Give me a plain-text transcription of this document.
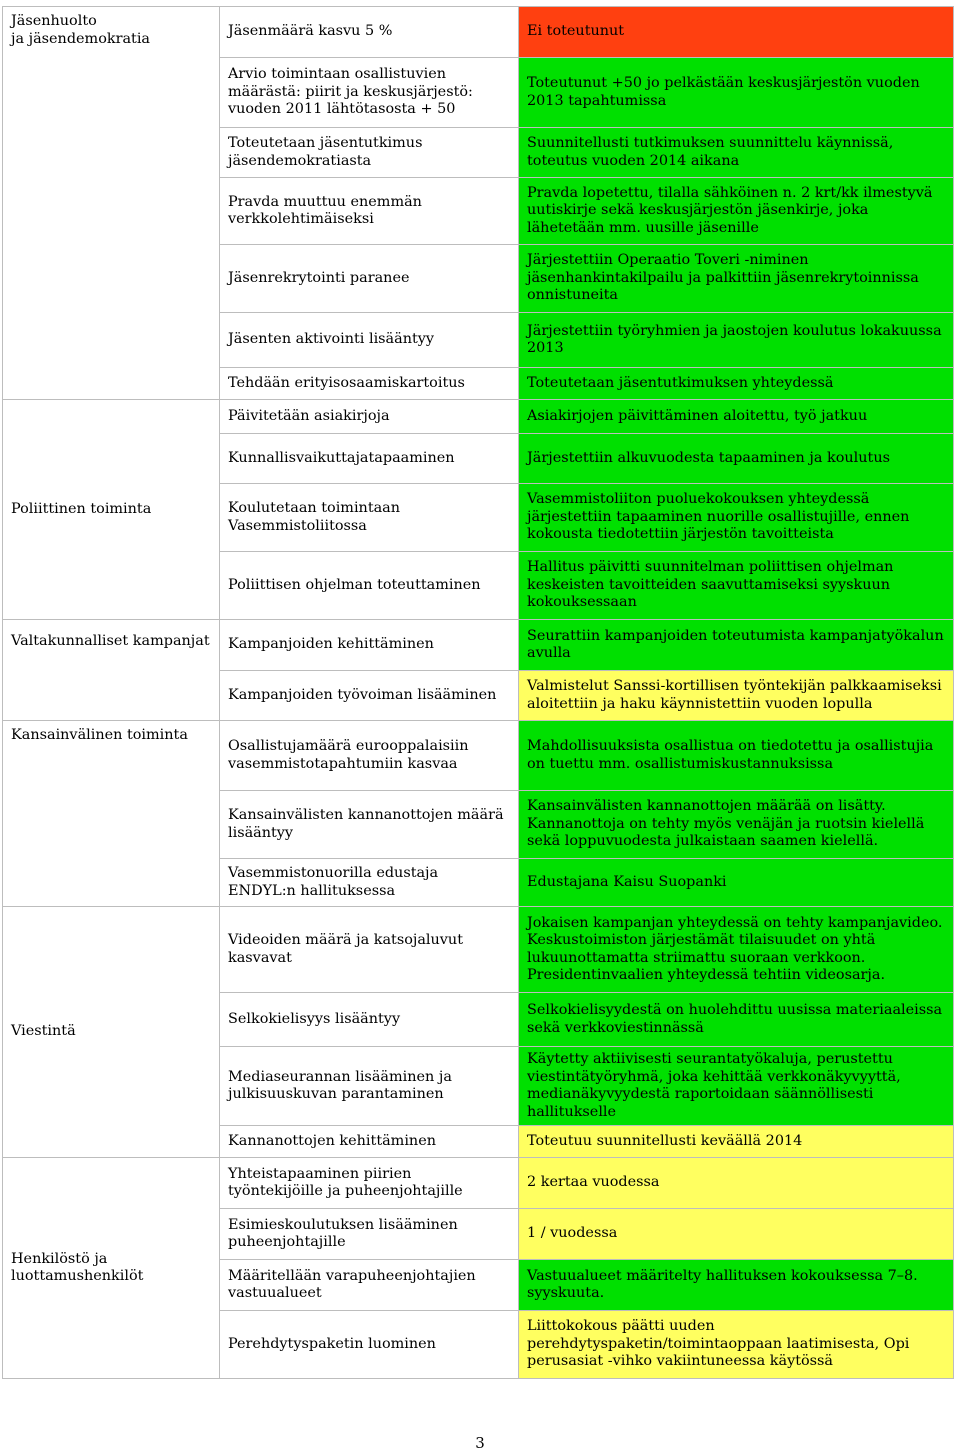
Jäsenhuolto
ja jäsendemokratia	Jäsenmäärä kasvu 5 %	Ei toteutunut
	Arvio toimintaan osallistuvien määrästä: piirit ja keskusjärjestö: vuoden 2011 lähtötasosta + 50	Toteutunut +50 jo pelkästään keskusjärjestön vuoden 2013 tapahtumissa
	Toteutetaan jäsentutkimus jäsendemokratiasta	Suunnitellusti tutkimuksen suunnittelu käynnissä, toteutus vuoden 2014 aikana
	Pravda muuttuu enemmän verkkolehtimäiseksi	Pravda lopetettu, tilalla sähköinen n. 2 krt/kk ilmestyvä uutiskirje sekä keskusjärjestön jäsenkirje, joka lähetetään mm. uusille jäsenille
	Jäsenrekrytointi paranee	Järjestettiin Operaatio Toveri -niminen jäsenhankintakilpailu ja palkittiin jäsenrekrytoinnissa onnistuneita
	Jäsenten aktivointi lisääntyy	Järjestettiin työryhmien ja jaostojen koulutus lokakuussa 2013
	Tehdään erityisosaamiskartoitus	Toteutetaan jäsentutkimuksen yhteydessä
Poliittinen toiminta	Päivitetään asiakirjoja	Asiakirjojen päivittäminen aloitettu, työ jatkuu
	Kunnallisvaikuttajatapaaminen	Järjestettiin alkuvuodesta tapaaminen ja koulutus
	Koulutetaan toimintaan Vasemmistoliitossa	Vasemmistoliiton puoluekokouksen yhteydessä järjestettiin tapaaminen nuorille osallistujille, ennen kokousta tiedotettiin järjestön tavoitteista
	Poliittisen ohjelman toteuttaminen	Hallitus päivitti suunnitelman poliittisen ohjelman keskeisten tavoitteiden saavuttamiseksi syyskuun kokouksessaan
Valtakunnalliset kampanjat	Kampanjoiden kehittäminen	Seurattiin kampanjoiden toteutumista kampanjatyökalun avulla
	Kampanjoiden työvoiman lisääminen	Valmistelut Sanssi-kortillisen työntekijän palkkaamiseksi aloitettiin ja haku käynnistettiin vuoden lopulla
Kansainvälinen toiminta	Osallistujamäärä eurooppalaisiin vasemmistotapahtumiin kasvaa	Mahdollisuuksista osallistua on tiedotettu ja osallistujia on tuettu mm. osallistumiskustannuksissa
	Kansainvälisten kannanottojen määrä lisääntyy	Kansainvälisten kannanottojen määrää on lisätty. Kannanottoja on tehty myös venäjän ja ruotsin kielellä sekä loppuvuodesta julkaistaan saamen kielellä.
	Vasemmistonuorilla edustaja ENDYL:n hallituksessa	Edustajana Kaisu Suopanki
Viestintä	Videoiden määrä ja katsojaluvut kasvavat	Jokaisen kampanjan yhteydessä on tehty kampanjavideo. Keskustoimiston järjestämät tilaisuudet on yhtä lukuunottamatta striimattu suoraan verkkoon. Presidentinvaalien yhteydessä tehtiin videosarja.
	Selkokielisyys lisääntyy	Selkokielisyydestä on huolehdittu uusissa materiaaleissa sekä verkkoviestinnässä
	Mediaseurannan lisääminen ja julkisuuskuvan parantaminen	Käytetty aktiivisesti seurantatyökaluja, perustettu viestintätyöryhmä, joka kehittää verkkonäkyvyyttä, medianäkyvyydestä raportoidaan säännöllisesti hallitukselle
	Kannanottojen kehittäminen	Toteutuu suunnitellusti keväällä 2014
Henkilöstö ja luottamushenkilöt	Yhteistapaaminen piirien työntekijöille ja puheenjohtajille	2 kertaa vuodessa
	Esimieskoulutuksen lisääminen puheenjohtajille	1 / vuodessa
	Määritellään varapuheenjohtajien vastuualueet	Vastuualueet määritelty hallituksen kokouksessa 7–8. syyskuuta.
	Perehdytyspaketin luominen	Liittokokous päätti uuden perehdytyspaketin/toimintaoppaan laatimisesta, Opi perusasiat -vihko vakiintuneessa käytössä
3
